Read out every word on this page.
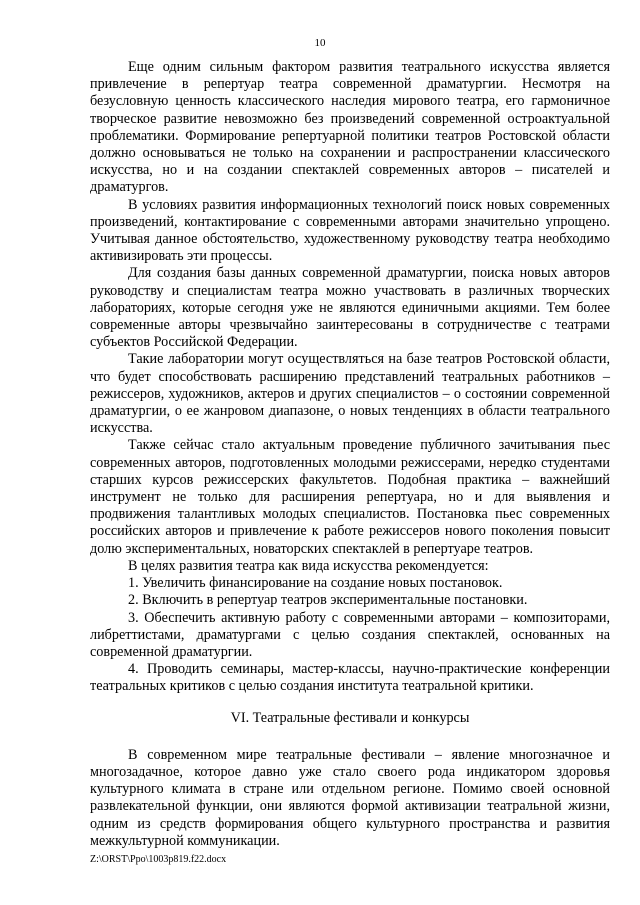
10

Еще одним сильным фактором развития театрального искусства является привлечение в репертуар театра современной драматургии. Несмотря на безусловную ценность классического наследия мирового театра, его гармоничное творческое развитие невозможно без произведений современной остроактуальной проблематики. Формирование репертуарной политики театров Ростовской области должно основываться не только на сохранении и распространении классического искусства, но и на создании спектаклей современных авторов – писателей и драматургов.

В условиях развития информационных технологий поиск новых современных произведений, контактирование с современными авторами значительно упрощено. Учитывая данное обстоятельство, художественному руководству театра необходимо активизировать эти процессы.

Для создания базы данных современной драматургии, поиска новых авторов руководству и специалистам театра можно участвовать в различных творческих лабораториях, которые сегодня уже не являются единичными акциями. Тем более современные авторы чрезвычайно заинтересованы в сотрудничестве с театрами субъектов Российской Федерации.

Такие лаборатории могут осуществляться на базе театров Ростовской области, что будет способствовать расширению представлений театральных работников – режиссеров, художников, актеров и других специалистов – о состоянии современной драматургии, о ее жанровом диапазоне, о новых тенденциях в области театрального искусства.

Также сейчас стало актуальным проведение публичного зачитывания пьес современных авторов, подготовленных молодыми режиссерами, нередко студентами старших курсов режиссерских факультетов. Подобная практика – важнейший инструмент не только для расширения репертуара, но и для выявления и продвижения талантливых молодых специалистов. Постановка пьес современных российских авторов и привлечение к работе режиссеров нового поколения повысит долю экспериментальных, новаторских спектаклей в репертуаре театров.

В целях развития театра как вида искусства рекомендуется:

1. Увеличить финансирование на создание новых постановок.

2. Включить в репертуар театров экспериментальные постановки.

3. Обеспечить активную работу с современными авторами – композиторами, либреттистами, драматургами с целью создания спектаклей, основанных на современной драматургии.

4. Проводить семинары, мастер-классы, научно-практические конференции театральных критиков с целью создания института театральной критики.

VI. Театральные фестивали и конкурсы

В современном мире театральные фестивали – явление многозначное и многозадачное, которое давно уже стало своего рода индикатором здоровья культурного климата в стране или отдельном регионе. Помимо своей основной развлекательной функции, они являются формой активизации театральной жизни, одним из средств формирования общего культурного пространства и развития межкультурной коммуникации.

Z:\ORST\Ppo\1003p819.f22.docx
